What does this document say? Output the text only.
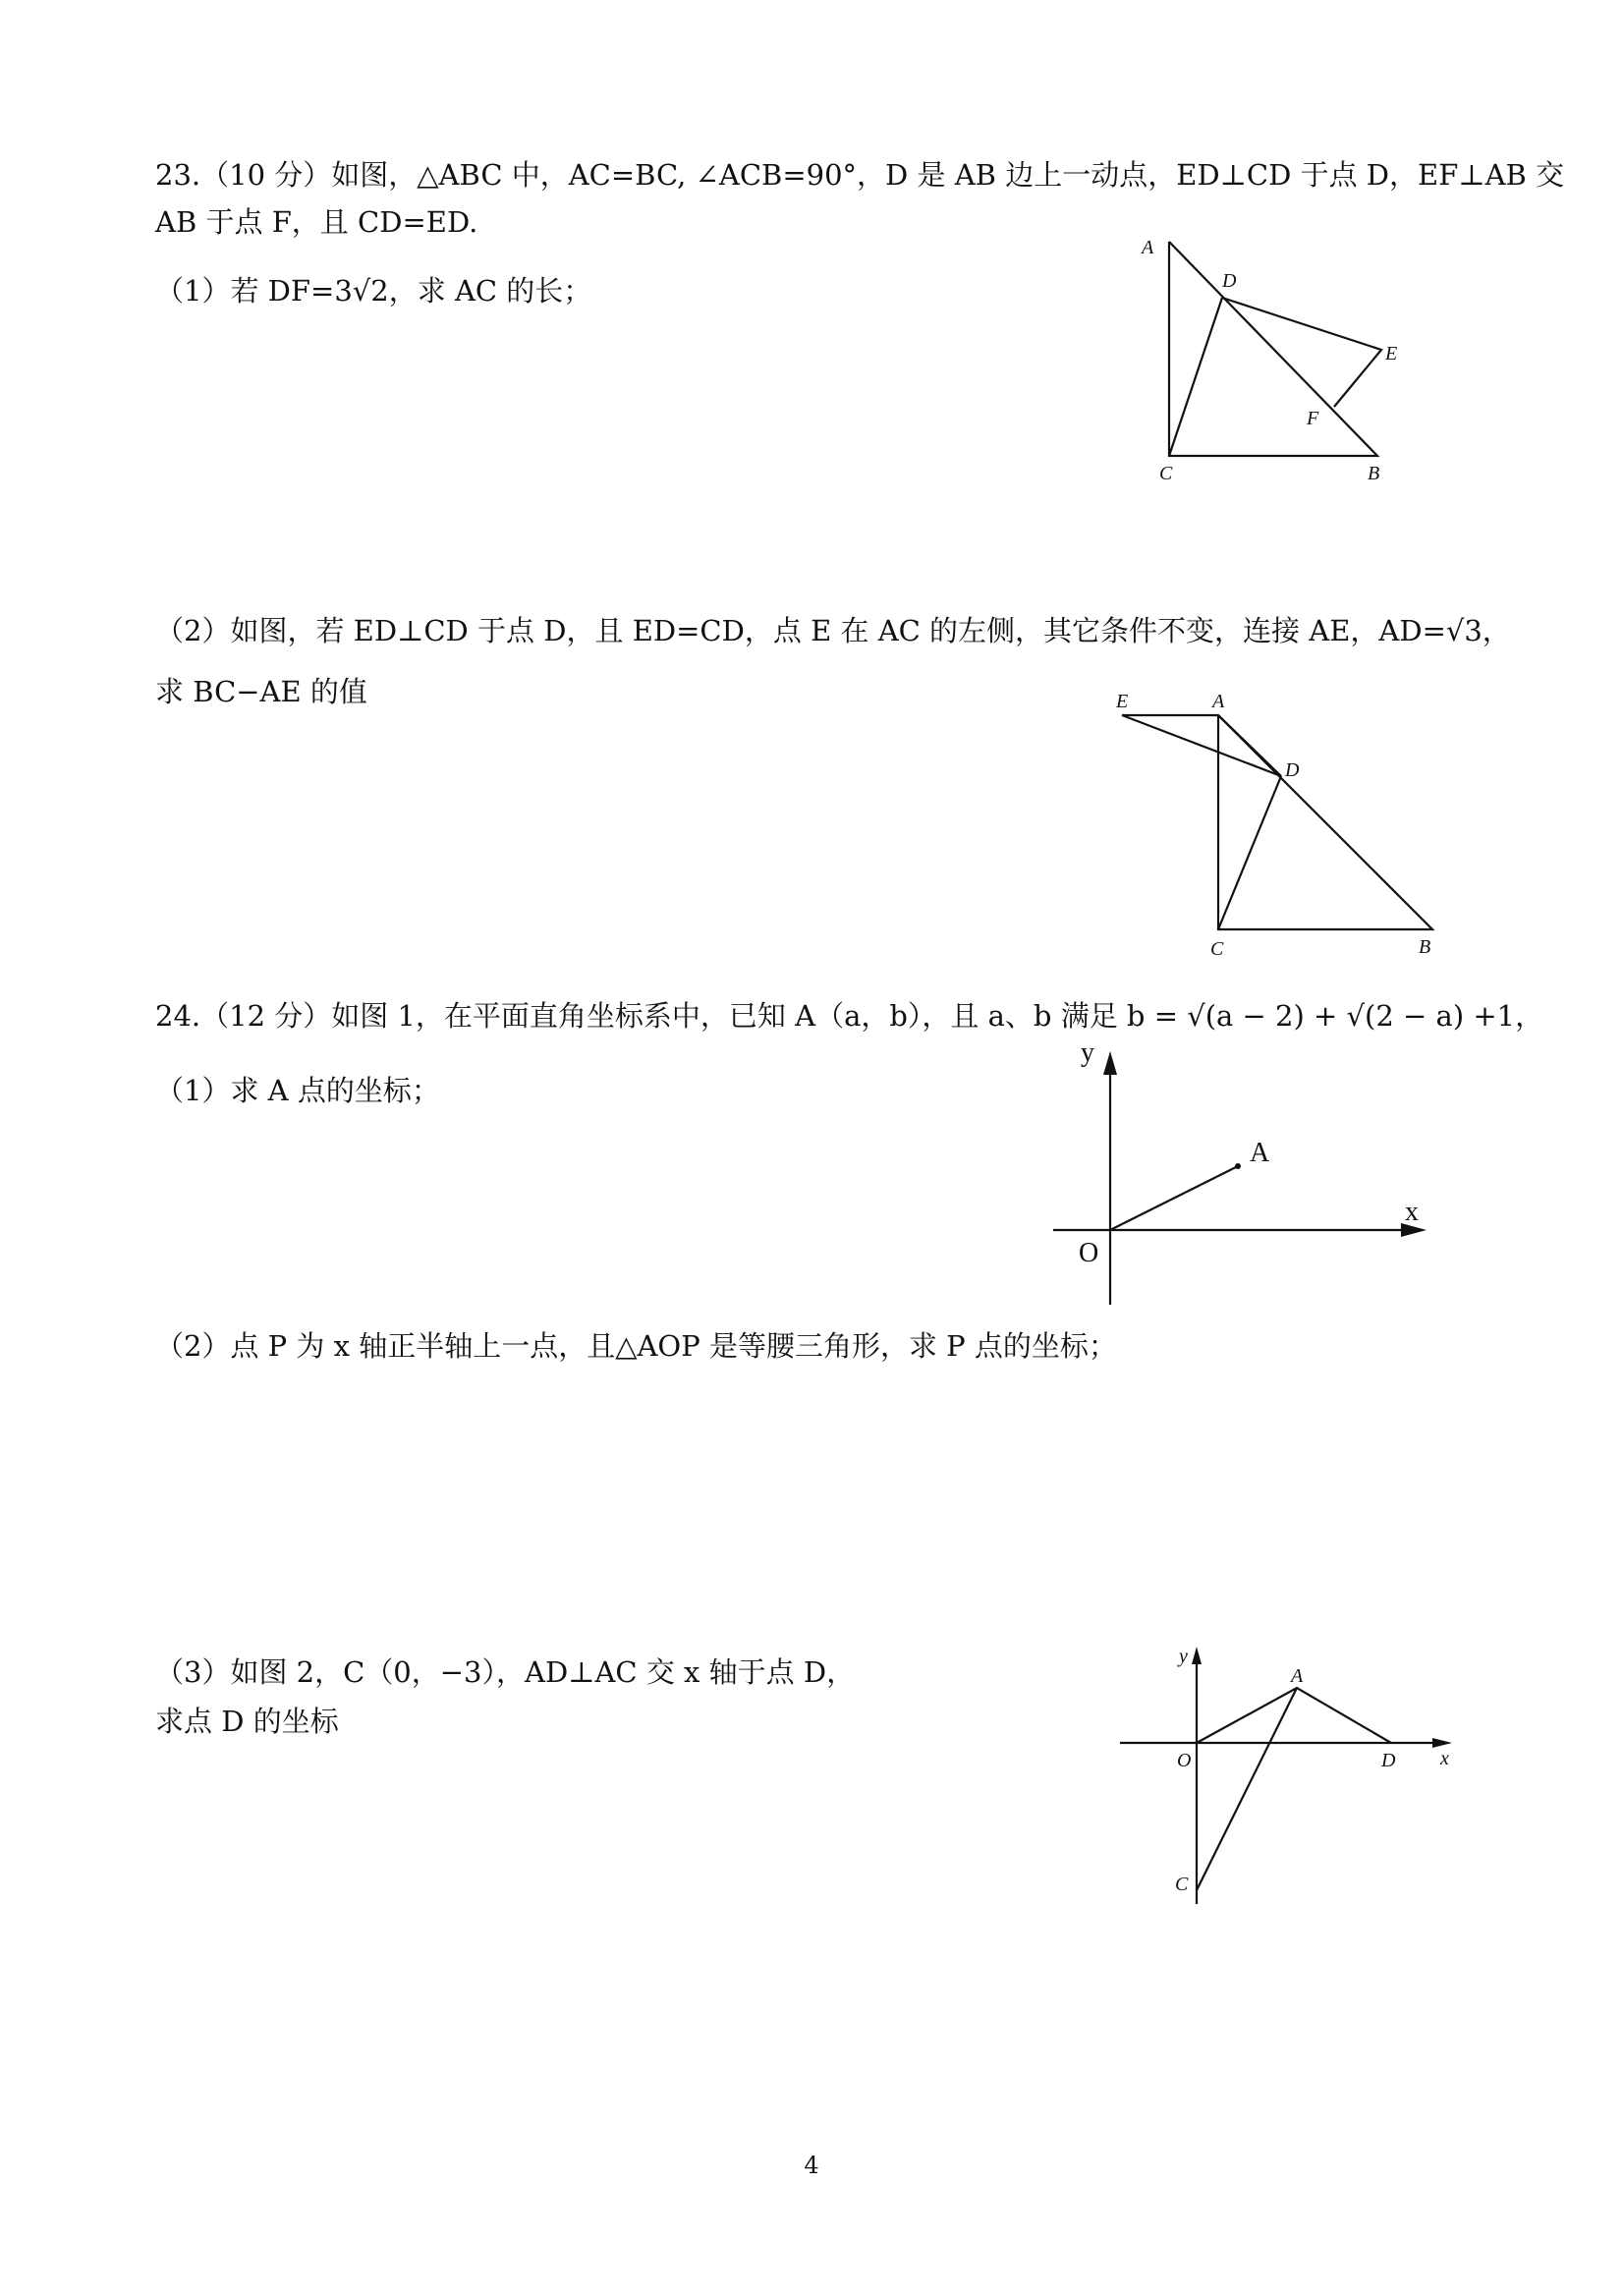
23.（10 分）如图，△ABC 中，AC=BC, ∠ACB=90°，D 是 AB 边上一动点，ED⊥CD 于点 D，EF⊥AB 交
AB 于点 F，且 CD=ED.
（1）若 DF=3√2，求 AC 的长；
A
D
E
F
C	B
（2）如图，若 ED⊥CD 于点 D，且 ED=CD，点 E 在 AC 的左侧，其它条件不变，连接 AE，AD=√3，
求 BC−AE 的值	E	A
D
C	B
24.（12 分）如图 1，在平面直角坐标系中，已知 A（a，b），且 a、b 满足 b = √(a − 2) + √(2 − a) +1，
（1）求 A 点的坐标；
y
x
O
A
（2）点 P 为 x 轴正半轴上一点，且△AOP 是等腰三角形，求 P 点的坐标；
（3）如图 2，C（0，−3），AD⊥AC 交 x 轴于点 D，
求点 D 的坐标
y
x
O
A
D
C
4
